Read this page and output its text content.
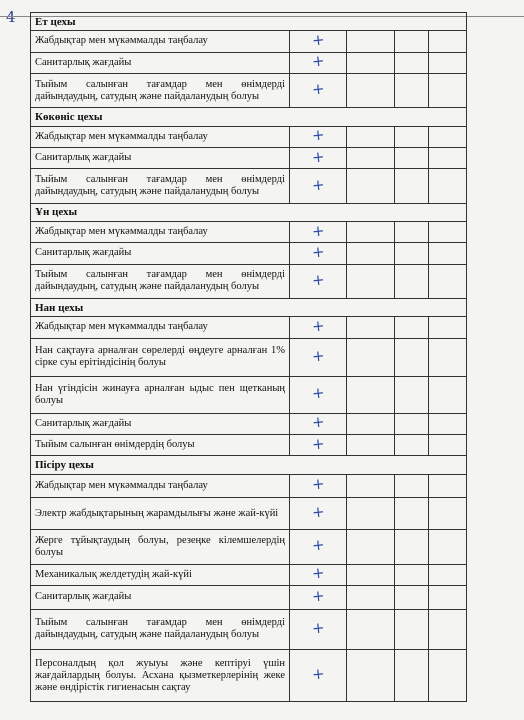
4 Ет цехы				
Жабдықтар мен мүкәммалды таңбалау	+			
Санитарлық жағдайы	+			
Тыйым салынған тағамдар мен өнімдерді дайындаудың, сатудың және пайдаланудың болуы	+			
Көкөніс цехы				
Жабдықтар мен мүкәммалды таңбалау	+			
Санитарлық жағдайы	+			
Тыйым салынған тағамдар мен өнімдерді дайындаудың, сатудың және пайдаланудың болуы	+			
Ұн цехы				
Жабдықтар мен мүкәммалды таңбалау	+			
Санитарлық жағдайы	+			
Тыйым салынған тағамдар мен өнімдерді дайындаудың, сатудың және пайдаланудың болуы	+			
Нан цехы				
Жабдықтар мен мүкәммалды таңбалау	+			
Нан сақтауға арналған сөрелерді өңдеуге арналған 1% сірке суы ерітіндісінің болуы	+			
Нан үгіндісін жинауға арналған ыдыс пен щетканың болуы	+			
Санитарлық жағдайы	+			
Тыйым салынған өнімдердің болуы	+			
Пісіру цехы				
Жабдықтар мен мүкәммалды таңбалау	+			
Электр жабдықтарының жарамдылығы және жай-күйі	+			
Жерге тұйықтаудың болуы, резеңке кілемшелердің болуы	+			
Механикалық желдетудің жай-күйі	+			
Санитарлық жағдайы	+			
Тыйым салынған тағамдар мен өнімдерді дайындаудың, сатудың және пайдаланудың болуы	+			
Персоналдың қол жуыуы және кептіруі үшін жағдайлардың болуы. Асхана қызметкерлерінің жеке және өндірістік гигиенасын сақтау	+			
